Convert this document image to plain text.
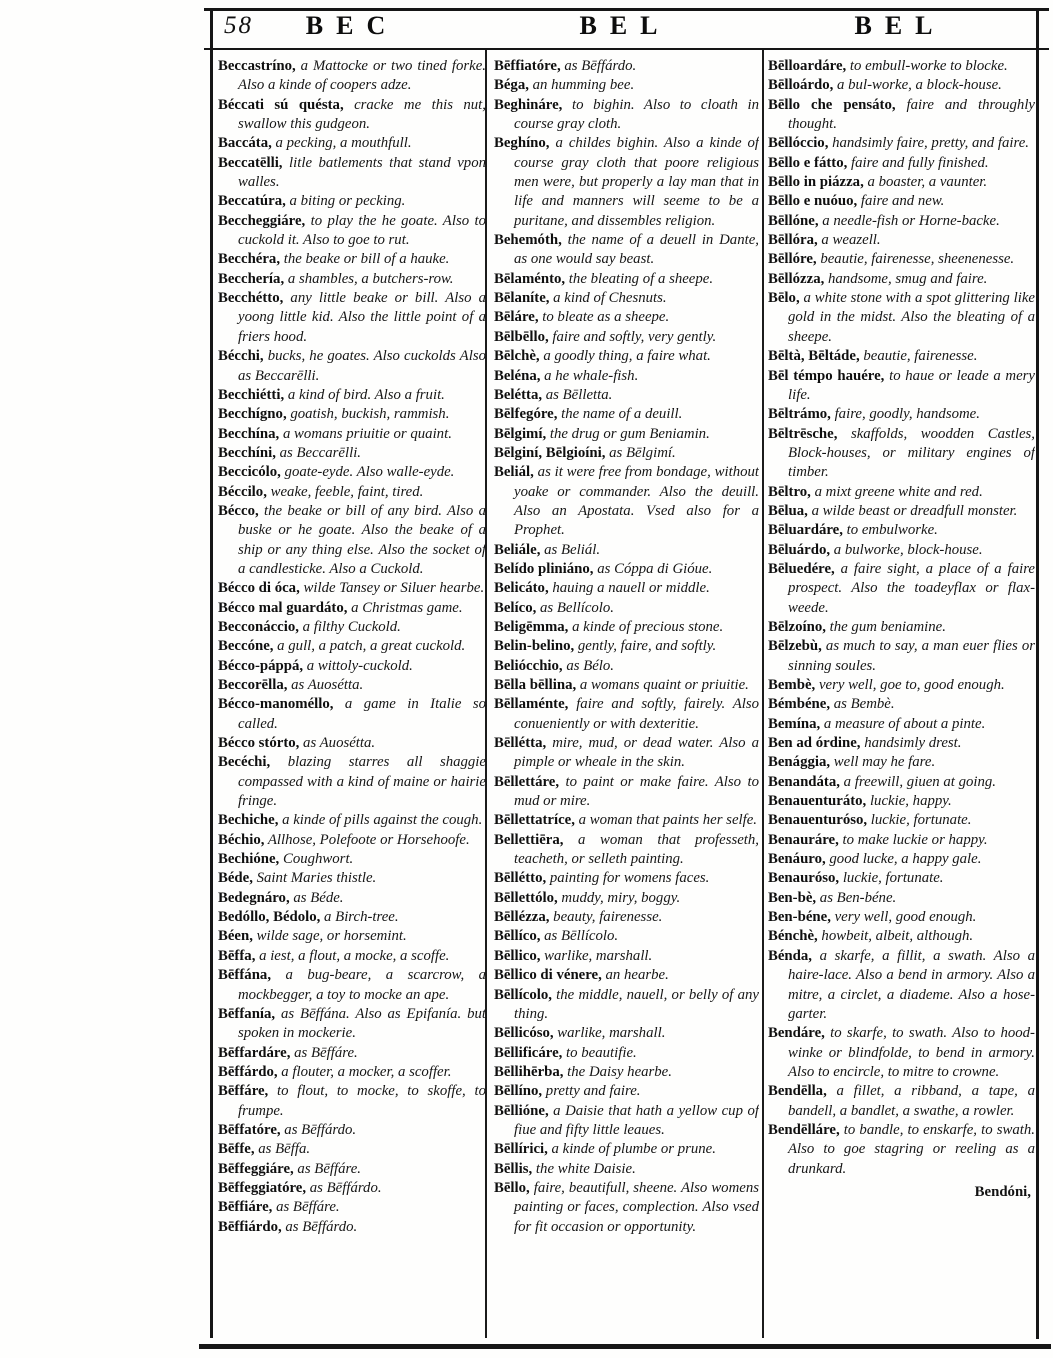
58	BEC	BEL	BEL
Beccastríno, a Mattocke or two tined forke. Also a kinde of coopers adze.
Béccati sú quésta, cracke me this nut, swallow this gudgeon.
Baccáta, a pecking, a mouthfull.
Beccatēlli, litle batlements that stand vpon walles.
Beccatúra, a biting or pecking.
Beccheggiáre, to play the he goate. Also to cuckold it. Also to goe to rut.
Becchéra, the beake or bill of a hauke.
Becchería, a shambles, a butchers-row.
Becchétto, any little beake or bill. Also a yoong little kid. Also the little point of a friers hood.
Bécchi, bucks, he goates. Also cuckolds Also as Beccarēlli.
Becchiétti, a kind of bird. Also a fruit.
Becchígno, goatish, buckish, rammish.
Becchína, a womans priuitie or quaint.
Becchíni, as Beccarēlli.
Beccicólo, goate-eyde. Also walle-eyde.
Béccilo, weake, feeble, faint, tired.
Bécco, the beake or bill of any bird. Also a buske or he goate. Also the beake of a ship or any thing else. Also the socket of a candlesticke. Also a Cuckold.
Bécco di óca, wilde Tansey or Siluer hearbe.
Bécco mal guardáto, a Christmas game.
Becconáccio, a filthy Cuckold.
Beccóne, a gull, a patch, a great cuckold.
Bécco-páppá, a wittoly-cuckold.
Beccorēlla, as Auosétta.
Bécco-manoméllo, a game in Italie so called.
Bécco stórto, as Auosétta.
Becéchi, blazing starres all shaggie compassed with a kind of maine or hairie fringe.
Bechiche, a kinde of pills against the cough.
Béchio, Allhose, Polefoote or Horsehoofe.
Bechióne, Coughwort.
Béde, Saint Maries thistle.
Bedegnáro, as Béde.
Bedóllo, Bédolo, a Birch-tree.
Béen, wilde sage, or horsemint.
Bēffa, a iest, a flout, a mocke, a scoffe.
Bēffána, a bug-beare, a scarcrow, a mockbegger, a toy to mocke an ape.
Bēffanía, as Bēffána. Also as Epifanía. but spoken in mockerie.
Bēffardáre, as Bēffáre.
Bēffárdo, a flouter, a mocker, a scoffer.
Bēffáre, to flout, to mocke, to skoffe, to frumpe.
Bēffatóre, as Bēffárdo.
Bēffe, as Bēffa.
Bēffeggiáre, as Bēffáre.
Bēffeggiatóre, as Bēffárdo.
Bēffiáre, as Bēffáre.
Bēffiárdo, as Bēffárdo.
Bēffiatóre, as Bēffárdo.
Béga, an humming bee.
Beghináre, to bighin. Also to cloath in course gray cloth.
Beghíno, a childes bighin. Also a kinde of course gray cloth that poore religious men were, but properly a lay man that in life and manners will seeme to be a puritane, and dissembles religion.
Behemóth, the name of a deuell in Dante, as one would say beast.
Bēlaménto, the bleating of a sheepe.
Bēlaníte, a kind of Chesnuts.
Bēláre, to bleate as a sheepe.
Bēlbēllo, faire and softly, very gently.
Bēlchè, a goodly thing, a faire what.
Beléna, a he whale-fish.
Belétta, as Bēlletta.
Bēlfegóre, the name of a deuill.
Bēlgimí, the drug or gum Beniamin.
Bēlginí, Bēlgioíni, as Bēlgimí.
Beliál, as it were free from bondage, without yoake or commander. Also the deuill. Also an Apostata. Vsed also for a Prophet.
Beliále, as Beliál.
Belído pliniáno, as Cóppa di Gióue.
Belicáto, hauing a nauell or middle.
Belíco, as Bellícolo.
Beligēmma, a kinde of precious stone.
Belin-belino, gently, faire, and softly.
Beliócchio, as Bélo.
Bēlla bēllina, a womans quaint or priuitie.
Bēllaménte, faire and softly, fairely. Also conueniently or with dexteritie.
Bēllétta, mire, mud, or dead water. Also a pimple or wheale in the skin.
Bēllettáre, to paint or make faire. Also to mud or mire.
Bēllettatríce, a woman that paints her selfe.
Bellettiēra, a woman that professeth, teacheth, or selleth painting.
Bēllétto, painting for womens faces.
Bēllettólo, muddy, miry, boggy.
Bēllézza, beauty, fairenesse.
Bēllíco, as Bēllícolo.
Bēllico, warlike, marshall.
Bēllico di vénere, an hearbe.
Bēllícolo, the middle, nauell, or belly of any thing.
Bēllicóso, warlike, marshall.
Bēllificáre, to beautifie.
Bēllihērba, the Daisy hearbe.
Bēllíno, pretty and faire.
Bēllióne, a Daisie that hath a yellow cup of fiue and fifty little leaues.
Bēllírici, a kinde of plumbe or prune.
Bēllis, the white Daisie.
Bēllo, faire, beautifull, sheene. Also womens painting or faces, complection. Also vsed for fit occasion or opportunity.
Bēlloardáre, to embull-worke to blocke.
Bēlloárdo, a bul-worke, a block-house.
Bēllo che pensáto, faire and throughly thought.
Bēllóccio, handsimly faire, pretty, and faire.
Bēllo e fátto, faire and fully finished.
Bēllo in piázza, a boaster, a vaunter.
Bēllo e nuóuo, faire and new.
Bēllóne, a needle-fish or Horne-backe.
Bēllóra, a weazell.
Bēllóre, beautie, fairenesse, sheenenesse.
Bēllózza, handsome, smug and faire.
Bēlo, a white stone with a spot glittering like gold in the midst. Also the bleating of a sheepe.
Bēltà, Bēltáde, beautie, fairenesse.
Bēl témpo hauére, to haue or leade a mery life.
Bēltrámo, faire, goodly, handsome.
Bēltrēsche, skaffolds, woodden Castles, Block-houses, or military engines of timber.
Bēltro, a mixt greene white and red.
Bēlua, a wilde beast or dreadfull monster.
Bēluardáre, to embulworke.
Bēluárdo, a bulworke, block-house.
Bēluedére, a faire sight, a place of a faire prospect. Also the toadeyflax or flax-weede.
Bēlzoíno, the gum beniamine.
Bēlzebù, as much to say, a man euer flies or sinning soules.
Bembè, very well, goe to, good enough.
Bémbéne, as Bembè.
Bemína, a measure of about a pinte.
Ben ad órdine, handsimly drest.
Benággia, well may he fare.
Benandáta, a freewill, giuen at going.
Benauenturáto, luckie, happy.
Benauenturóso, luckie, fortunate.
Benauráre, to make luckie or happy.
Benáuro, good lucke, a happy gale.
Benauróso, luckie, fortunate.
Ben-bè, as Ben-béne.
Ben-béne, very well, good enough.
Bénchè, howbeit, albeit, although.
Bénda, a skarfe, a fillit, a swath. Also a haire-lace. Also a bend in armory. Also a mitre, a circlet, a diademe. Also a hose-garter.
Bendáre, to skarfe, to swath. Also to hood-winke or blindfolde, to bend in armory. Also to encircle, to mitre to crowne.
Bendēlla, a fillet, a ribband, a tape, a bandell, a bandlet, a swathe, a rowler.
Bendēlláre, to bandle, to enskarfe, to swath. Also to goe stagring or reeling as a drunkard.
Bendóni,
